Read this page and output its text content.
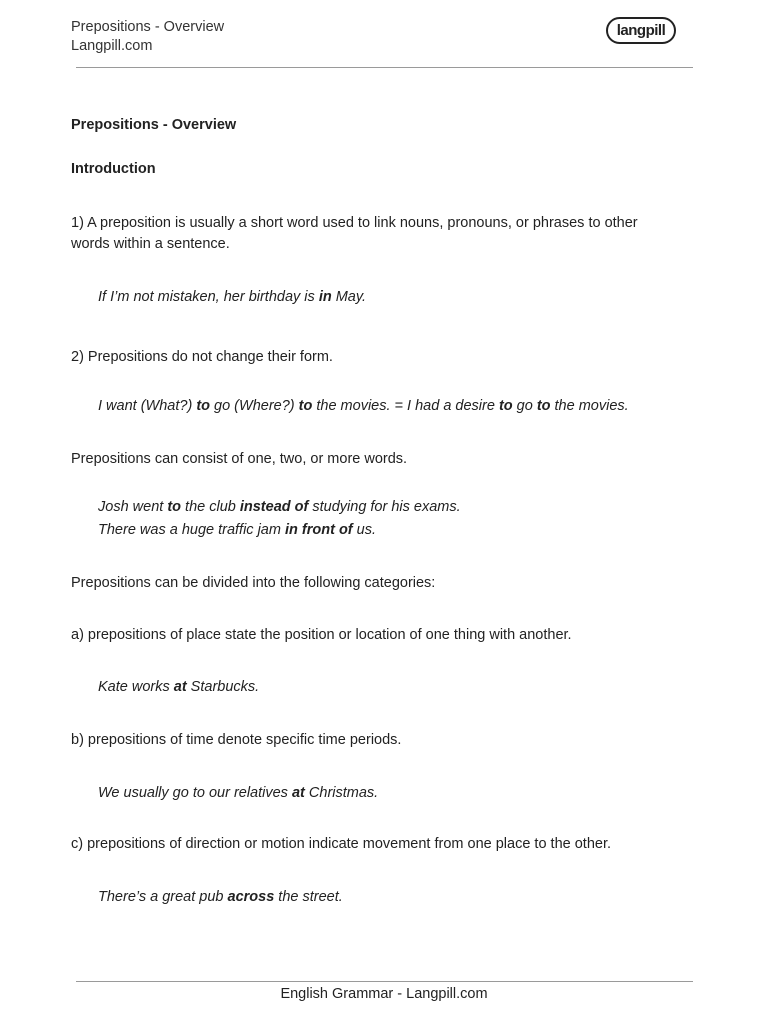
Prepositions - Overview
Langpill.com
langpill
Prepositions - Overview
Introduction
1) A preposition is usually a short word used to link nouns, pronouns, or phrases to other words within a sentence.
If I’m not mistaken, her birthday is in May.
2) Prepositions do not change their form.
I want (What?) to go (Where?) to the movies. = I had a desire to go to the movies.
Prepositions can consist of one, two, or more words.
Josh went to the club instead of studying for his exams.
There was a huge traffic jam in front of us.
Prepositions can be divided into the following categories:
a) prepositions of place state the position or location of one thing with another.
Kate works at Starbucks.
b) prepositions of time denote specific time periods.
We usually go to our relatives at Christmas.
c) prepositions of direction or motion indicate movement from one place to the other.
There’s a great pub across the street.
English Grammar - Langpill.com
